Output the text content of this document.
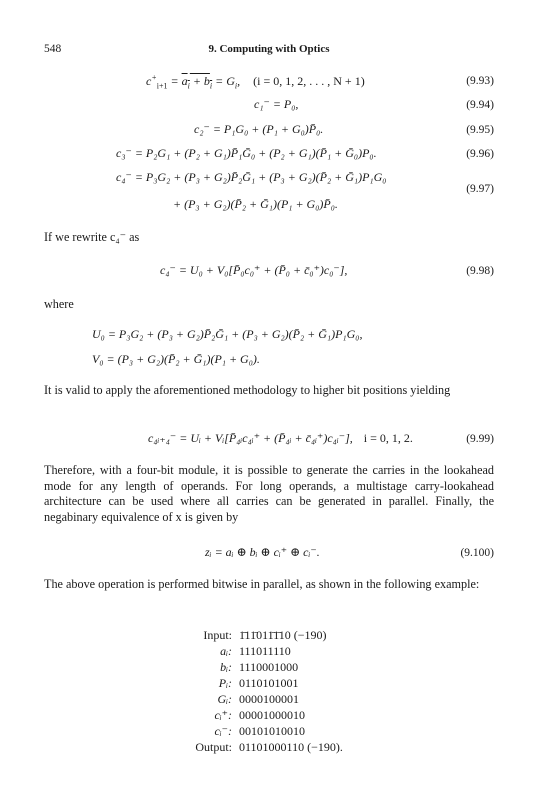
548	9. Computing with Optics
$c^+_{i+1} = a_i + b_i = G_i$, (i = 0, 1, 2, . . . , N + 1)	(9.93)
c₁⁻ = P₀,	(9.94)
c₂⁻ = P₁G₀ + (P₁ + G₀)P̄₀.	(9.95)
c₃⁻ = P₂G₁ + (P₂ + G₁)P̄₁Ḡ₀ + (P₂ + G₁)(P̄₁ + Ḡ₀)P₀.	(9.96)
c₄⁻ = P₃G₂ + (P₃ + G₂)P̄₂Ḡ₁ + (P₃ + G₂)(P̄₂ + Ḡ₁)P₁G₀
+ (P₃ + G₂)(P̄₂ + Ḡ₁)(P₁ + G₀)P̄₀.
(9.97)
If we rewrite c₄⁻ as
c₄⁻ = U₀ + V₀[P̄₀c₀⁺ + (P̄₀ + c̄₀⁺)c₀⁻],	(9.98)
where
U₀ = P₃G₂ + (P₃ + G₂)P̄₂Ḡ₁ + (P₃ + G₂)(P̄₂ + Ḡ₁)P₁G₀,
V₀ = (P₃ + G₂)(P̄₂ + Ḡ₁)(P₁ + G₀).
It is valid to apply the aforementioned methodology to higher bit positions yielding
c₄ᵢ₊₄⁻ = Uᵢ + Vᵢ[P̄₄ᵢc₄ᵢ⁺ + (P̄₄ᵢ + c̄₄ᵢ⁺)c₄ᵢ⁻], i = 0, 1, 2.	(9.99)
Therefore, with a four-bit module, it is possible to generate the carries in the lookahead mode for any length of operands. For long operands, a multistage carry-lookahead architecture can be used where all carries can be generated in parallel. Finally, the negabinary equivalence of x is given by
zᵢ = aᵢ ⊕ bᵢ ⊕ cᵢ⁺ ⊕ cᵢ⁻.	(9.100)
The above operation is performed bitwise in parallel, as shown in the following example:
Input: 1̄11̄011̄1̄10 (−190)
aᵢ: 111011110
bᵢ: 1110001000
Pᵢ: 0110101001
Gᵢ: 0000100001
cᵢ⁺: 00001000010
cᵢ⁻: 00101010010
Output: 01101000110 (−190).
